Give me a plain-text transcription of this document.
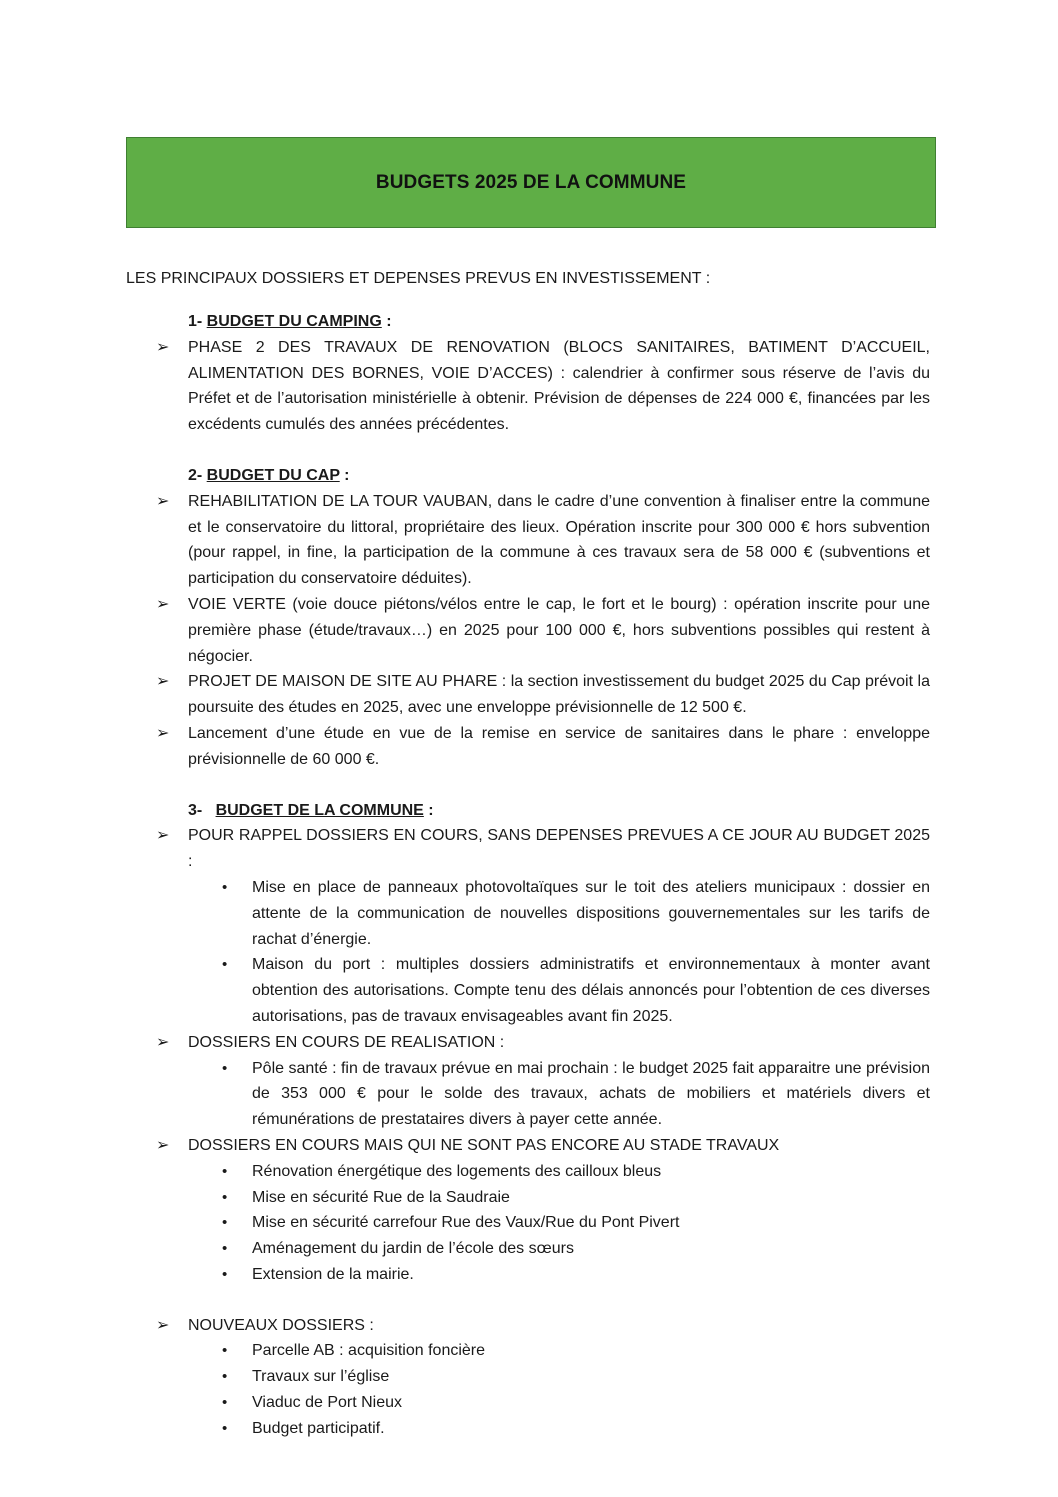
BUDGETS 2025 DE LA COMMUNE
LES PRINCIPAUX DOSSIERS ET DEPENSES PREVUS EN INVESTISSEMENT :
1- BUDGET DU CAMPING :
➢	PHASE 2 DES TRAVAUX DE RENOVATION (BLOCS SANITAIRES, BATIMENT D’ACCUEIL, ALIMENTATION DES BORNES, VOIE D’ACCES) : calendrier à confirmer sous réserve de l’avis du Préfet et de l’autorisation ministérielle à obtenir. Prévision de dépenses de 224 000 €, financées par les excédents cumulés des années précédentes.
2- BUDGET DU CAP :
➢	REHABILITATION DE LA TOUR VAUBAN, dans le cadre d’une convention à finaliser entre la commune et le conservatoire du littoral, propriétaire des lieux. Opération inscrite pour 300 000 € hors subvention (pour rappel, in fine, la participation de la commune à ces travaux sera de 58 000 € (subventions et participation du conservatoire déduites).
➢	VOIE VERTE (voie douce piétons/vélos entre le cap, le fort et le bourg) : opération inscrite pour une première phase (étude/travaux…) en 2025 pour 100 000 €, hors subventions possibles qui restent à négocier.
➢	PROJET DE MAISON DE SITE AU PHARE : la section investissement du budget 2025 du Cap prévoit la poursuite des études en 2025, avec une enveloppe prévisionnelle de 12 500 €.
➢	Lancement d’une étude en vue de la remise en service de sanitaires dans le phare : enveloppe prévisionnelle de 60 000 €.
3-   BUDGET DE LA COMMUNE :
➢	POUR RAPPEL DOSSIERS EN COURS, SANS DEPENSES PREVUES A CE JOUR AU BUDGET 2025 :
•	Mise en place de panneaux photovoltaïques sur le toit des ateliers municipaux : dossier en attente de la communication de nouvelles dispositions gouvernementales sur les tarifs de rachat d’énergie.
•	Maison du port : multiples dossiers administratifs et environnementaux à monter avant obtention des autorisations. Compte tenu des délais annoncés pour l’obtention de ces diverses autorisations, pas de travaux envisageables avant fin 2025.
➢	DOSSIERS EN COURS DE REALISATION :
•	Pôle santé : fin de travaux prévue en mai prochain : le budget 2025 fait apparaitre une prévision de 353 000 € pour le solde des travaux, achats de mobiliers et matériels divers et rémunérations de prestataires divers à payer cette année.
➢	DOSSIERS EN COURS MAIS QUI NE SONT PAS ENCORE AU STADE TRAVAUX
•	Rénovation énergétique des logements des cailloux bleus
•	Mise en sécurité Rue de la Saudraie
•	Mise en sécurité carrefour Rue des Vaux/Rue du Pont Pivert
•	Aménagement du jardin de l’école des sœurs
•	Extension de la mairie.
➢	NOUVEAUX DOSSIERS :
•	Parcelle AB : acquisition foncière
•	Travaux sur l’église
•	Viaduc de Port Nieux
•	Budget participatif.
